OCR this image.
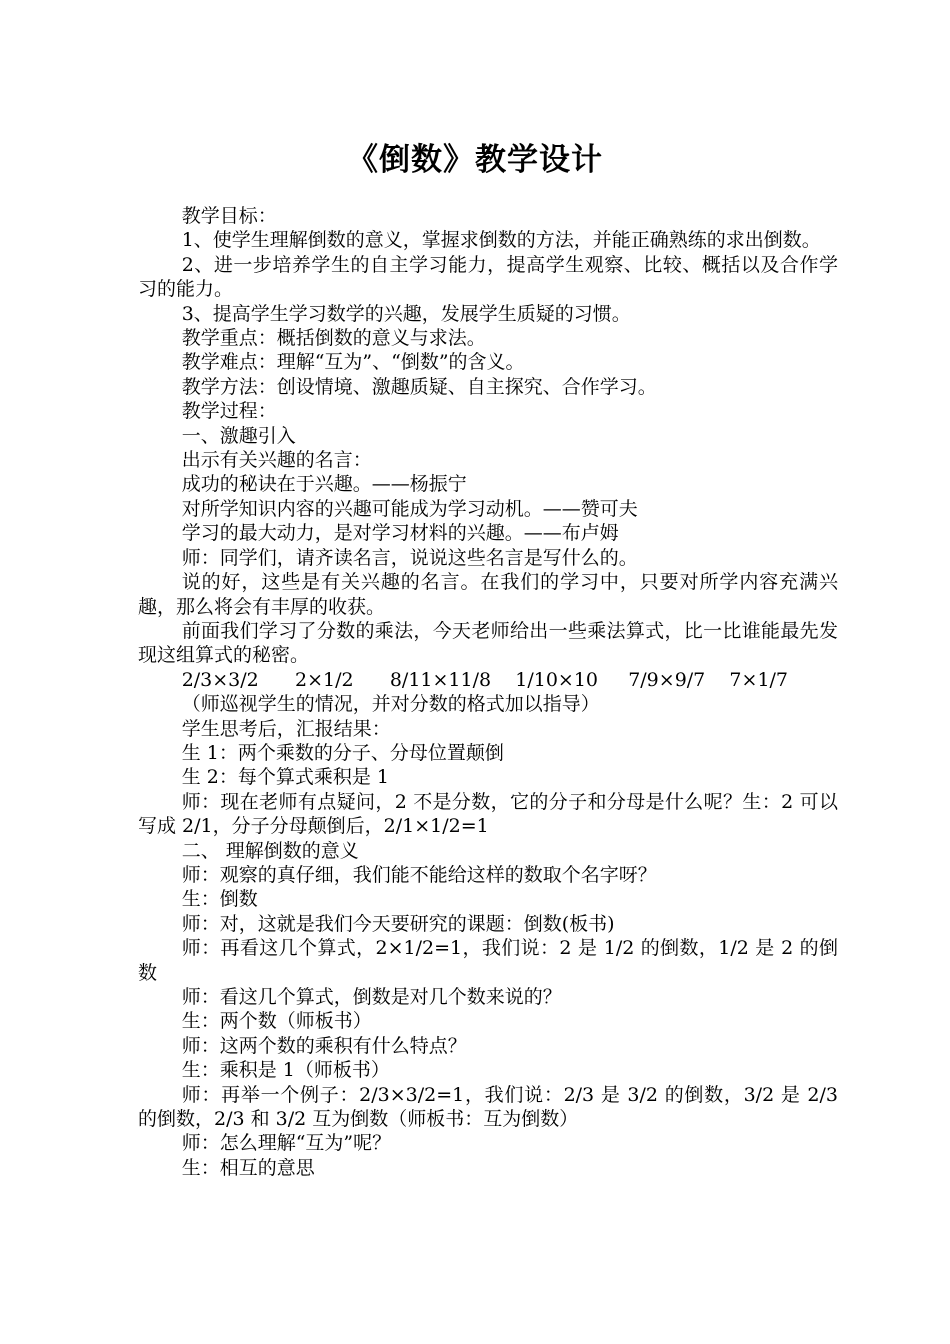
《倒数》教学设计

教学目标：

1、使学生理解倒数的意义，掌握求倒数的方法，并能正确熟练的求出倒数。

2、进一步培养学生的自主学习能力，提高学生观察、比较、概括以及合作学习的能力。

3、提高学生学习数学的兴趣，发展学生质疑的习惯。

教学重点：概括倒数的意义与求法。

教学难点：理解“互为”、“倒数”的含义。

教学方法：创设情境、激趣质疑、自主探究、合作学习。

教学过程：

一、激趣引入

出示有关兴趣的名言：

成功的秘诀在于兴趣。——杨振宁

对所学知识内容的兴趣可能成为学习动机。——赞可夫

学习的最大动力，是对学习材料的兴趣。——布卢姆

师：同学们，请齐读名言，说说这些名言是写什么的。

说的好，这些是有关兴趣的名言。在我们的学习中，只要对所学内容充满兴趣，那么将会有丰厚的收获。

前面我们学习了分数的乘法，今天老师给出一些乘法算式，比一比谁能最先发现这组算式的秘密。

2/3×3/2      2×1/2      8/11×11/8    1/10×10     7/9×9/7    7×1/7

（师巡视学生的情况，并对分数的格式加以指导）

学生思考后，汇报结果：

生 1：两个乘数的分子、分母位置颠倒

生 2：每个算式乘积是 1

师：现在老师有点疑问，2 不是分数，它的分子和分母是什么呢？生：2 可以写成 2/1，分子分母颠倒后，2/1×1/2=1

二、 理解倒数的意义

师：观察的真仔细，我们能不能给这样的数取个名字呀？

生：倒数

师：对，这就是我们今天要研究的课题：倒数(板书)

师：再看这几个算式，2×1/2=1，我们说：2 是 1/2 的倒数，1/2 是 2 的倒数

师：看这几个算式，倒数是对几个数来说的？

生：两个数（师板书）

师：这两个数的乘积有什么特点？

生：乘积是 1（师板书）

师：再举一个例子：2/3×3/2=1，我们说：2/3 是 3/2 的倒数，3/2 是 2/3 的倒数，2/3 和 3/2 互为倒数（师板书：互为倒数）

师：怎么理解“互为”呢？

生：相互的意思
